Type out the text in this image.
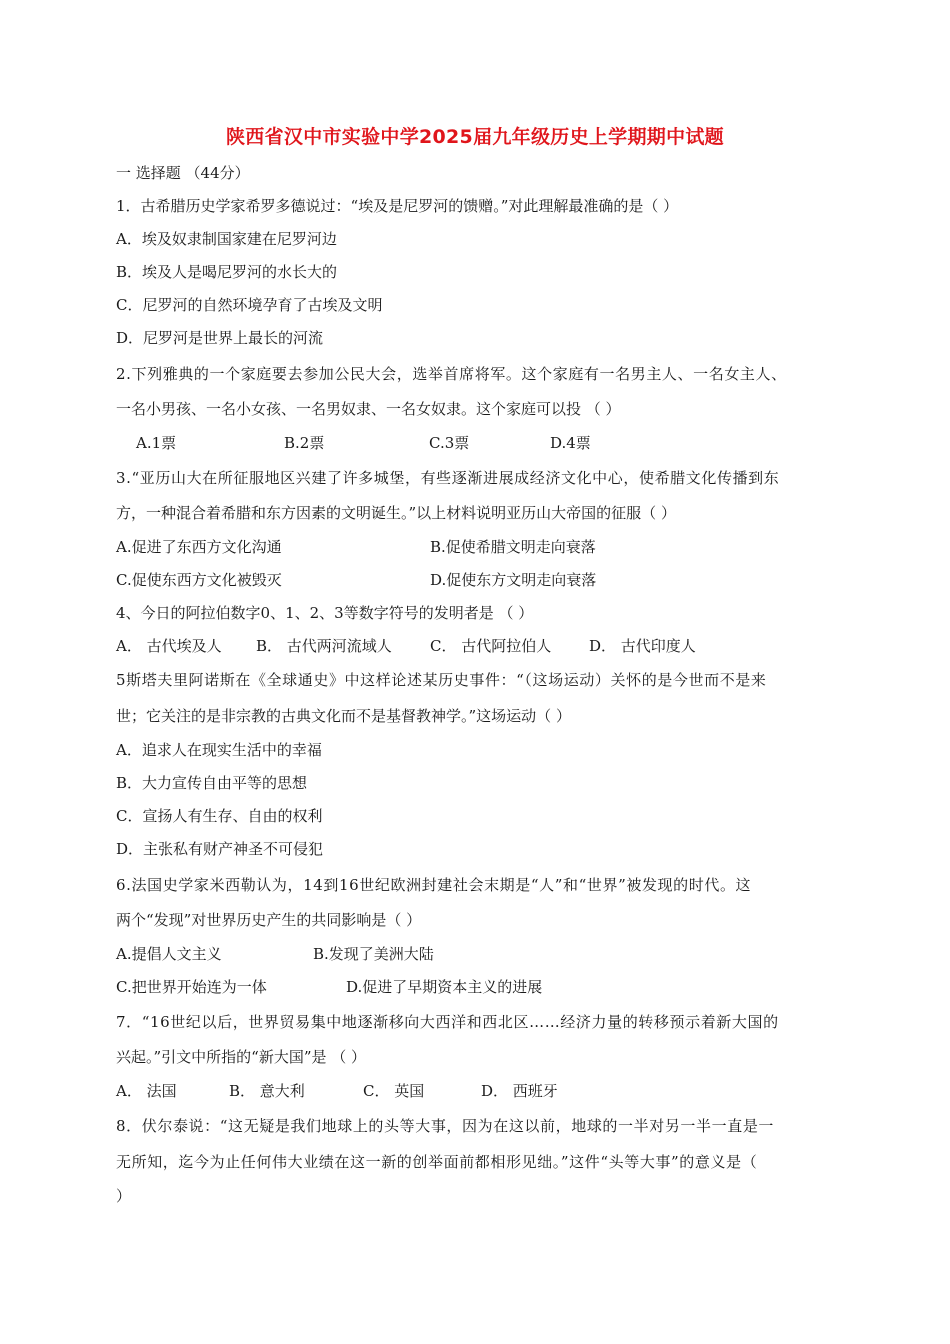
陕西省汉中市实验中学2025届九年级历史上学期期中试题
一 选择题 （44分）
1．古希腊历史学家希罗多德说过：“埃及是尼罗河的馈赠。”对此理解最准确的是（ ）
A．埃及奴隶制国家建在尼罗河边
B．埃及人是喝尼罗河的水长大的
C．尼罗河的自然环境孕育了古埃及文明
D．尼罗河是世界上最长的河流
2.下列雅典的一个家庭要去参加公民大会，选举首席将军。这个家庭有一名男主人、一名女主人、
一名小男孩、一名小女孩、一名男奴隶、一名女奴隶。这个家庭可以投 （ ）
A.1票	B.2票	C.3票	D.4票
3.“亚历山大在所征服地区兴建了许多城堡，有些逐渐进展成经济文化中心，使希腊文化传播到东
方，一种混合着希腊和东方因素的文明诞生。”以上材料说明亚历山大帝国的征服（ ）
A.促进了东西方文化沟通	B.促使希腊文明走向衰落
C.促使东西方文化被毁灭	D.促使东方文明走向衰落
4、今日的阿拉伯数字0、1、2、3等数字符号的发明者是 （ ）
A． 古代埃及人 B． 古代两河流域人	C． 古代阿拉伯人	D． 古代印度人
5斯塔夫里阿诺斯在《全球通史》中这样论述某历史事件：“（这场运动）关怀的是今世而不是来
世；它关注的是非宗教的古典文化而不是基督教神学。”这场运动（ ）
A．追求人在现实生活中的幸福
B．大力宣传自由平等的思想
C．宣扬人有生存、自由的权利
D．主张私有财产神圣不可侵犯
6.法国史学家米西勒认为，14到16世纪欧洲封建社会末期是“人”和“世界”被发现的时代。这
两个“发现”对世界历史产生的共同影响是（ ）
A.提倡人文主义	B.发现了美洲大陆
C.把世界开始连为一体	D.促进了早期资本主义的进展
7．“16世纪以后，世界贸易集中地逐渐移向大西洋和西北区……经济力量的转移预示着新大国的
兴起。”引文中所指的“新大国”是 （ ）
A． 法国	B． 意大利	C． 英国	D． 西班牙
8．伏尔泰说：“这无疑是我们地球上的头等大事，因为在这以前，地球的一半对另一半一直是一
无所知，迄今为止任何伟大业绩在这一新的创举面前都相形见绌。”这件“头等大事”的意义是（
）
